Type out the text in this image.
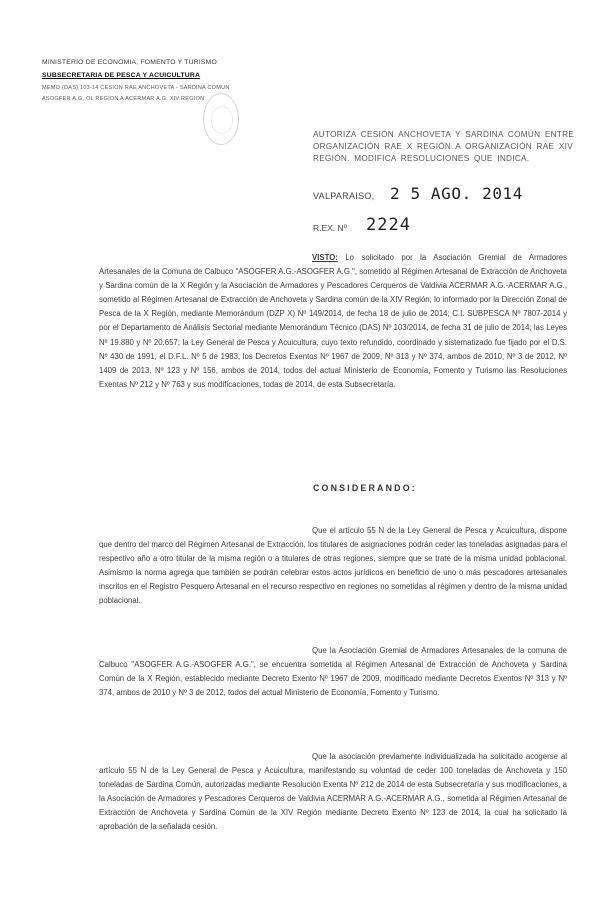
MINISTERIO DE ECONOMIA, FOMENTO Y TURISMO

SUBSECRETARIA DE PESCA Y ACUICULTURA

MEMO (DAS) 103-14 CESION RAE ANCHOVETA - SARDINA COMUN

ASOGFER A.G. OL REGION A ACERMAR A.G. XIV REGION

AUTORIZA CESIÓN ANCHOVETA Y SARDINA COMÚN ENTRE ORGANIZACIÓN RAE X REGIÓN A ORGANIZACIÓN RAE XIV REGIÓN. MODIFICA RESOLUCIONES QUE INDICA.

VALPARAISO, 2 5 AGO. 2014
R.EX. Nº 2224

VISTO: Lo solicitado por la Asociación Gremial de Armadores Artesanales de la Comuna de Calbuco "ASOGFER A.G.-ASOGFER A.G.", sometido al Régimen Artesanal de Extracción de Anchoveta y Sardina común de la X Región y la Asociación de Armadores y Pescadores Cerqueros de Valdivia ACERMAR A.G.-ACERMAR A.G., sometido al Régimen Artesanal de Extracción de Anchoveta y Sardina común de la XIV Región; lo informado por la Dirección Zonal de Pesca de la X Región, mediante Memorándum (DZP X) Nº 149/2014, de fecha 18 de julio de 2014; C.I. SUBPESCA Nº 7807-2014 y por el Departamento de Análisis Sectorial mediante Memorándum Técnico (DAS) Nº 103/2014, de fecha 31 de julio de 2014; las Leyes Nº 19.880 y Nº 20.657; la Ley General de Pesca y Acuicultura, cuyo texto refundido, coordinado y sistematizado fue fijado por el D.S. Nº 430 de 1991, el D.F.L. Nº 5 de 1983, los Decretos Exentos Nº 1967 de 2009, Nº 313 y Nº 374, ambos de 2010, Nº 3 de 2012, Nº 1409 de 2013, Nº 123 y Nº 156, ambos de 2014, todos del actual Ministerio de Economía, Fomento y Turismo las Resoluciones Exentas Nº 212 y Nº 763 y sus modificaciones, todas de 2014, de esta Subsecretaría.

CONSIDERANDO:

Que el artículo 55 N de la Ley General de Pesca y Acuicultura, dispone que dentro del marco del Régimen Artesanal de Extracción, los titulares de asignaciones podrán ceder las toneladas asignadas para el respectivo año a otro titular de la misma región o a titulares de otras regiones, siempre que se trate de la misma unidad poblacional. Asimismo la norma agrega que también se podrán celebrar estos actos jurídicos en beneficio de uno o más pescadores artesanales inscritos en el Registro Pesquero Artesanal en el recurso respectivo en regiones no sometidas al régimen y dentro de la misma unidad poblacional.

Que la Asociación Gremial de Armadores Artesanales de la comuna de Calbuco "ASOGFER A.G.-ASOGFER A.G.", se encuentra sometida al Régimen Artesanal de Extracción de Anchoveta y Sardina Común de la X Región, establecido mediante Decreto Exento Nº 1967 de 2009, modificado mediante Decretos Exentos Nº 313 y Nº 374, ambos de 2010 y Nº 3 de 2012, todos del actual Ministerio de Economía, Fomento y Turismo.

Que la asociación previamente individualizada ha solicitado acogerse al artículo 55 N de la Ley General de Pesca y Acuicultura, manifestando su voluntad de ceder 100 toneladas de Anchoveta y 150 toneladas de Sardina Común, autorizadas mediante Resolución Exenta Nº 212 de 2014 de esta Subsecretaría y sus modificaciones, a la Asociación de Armadores y Pescadores Cerqueros de Valdivia ACERMAR A.G.-ACERMAR A.G., sometida al Régimen Artesanal de Extracción de Anchoveta y Sardina Común de la XIV Región mediante Decreto Exento Nº 123 de 2014, la cual ha solicitado la aprobación de la señalada cesión.
